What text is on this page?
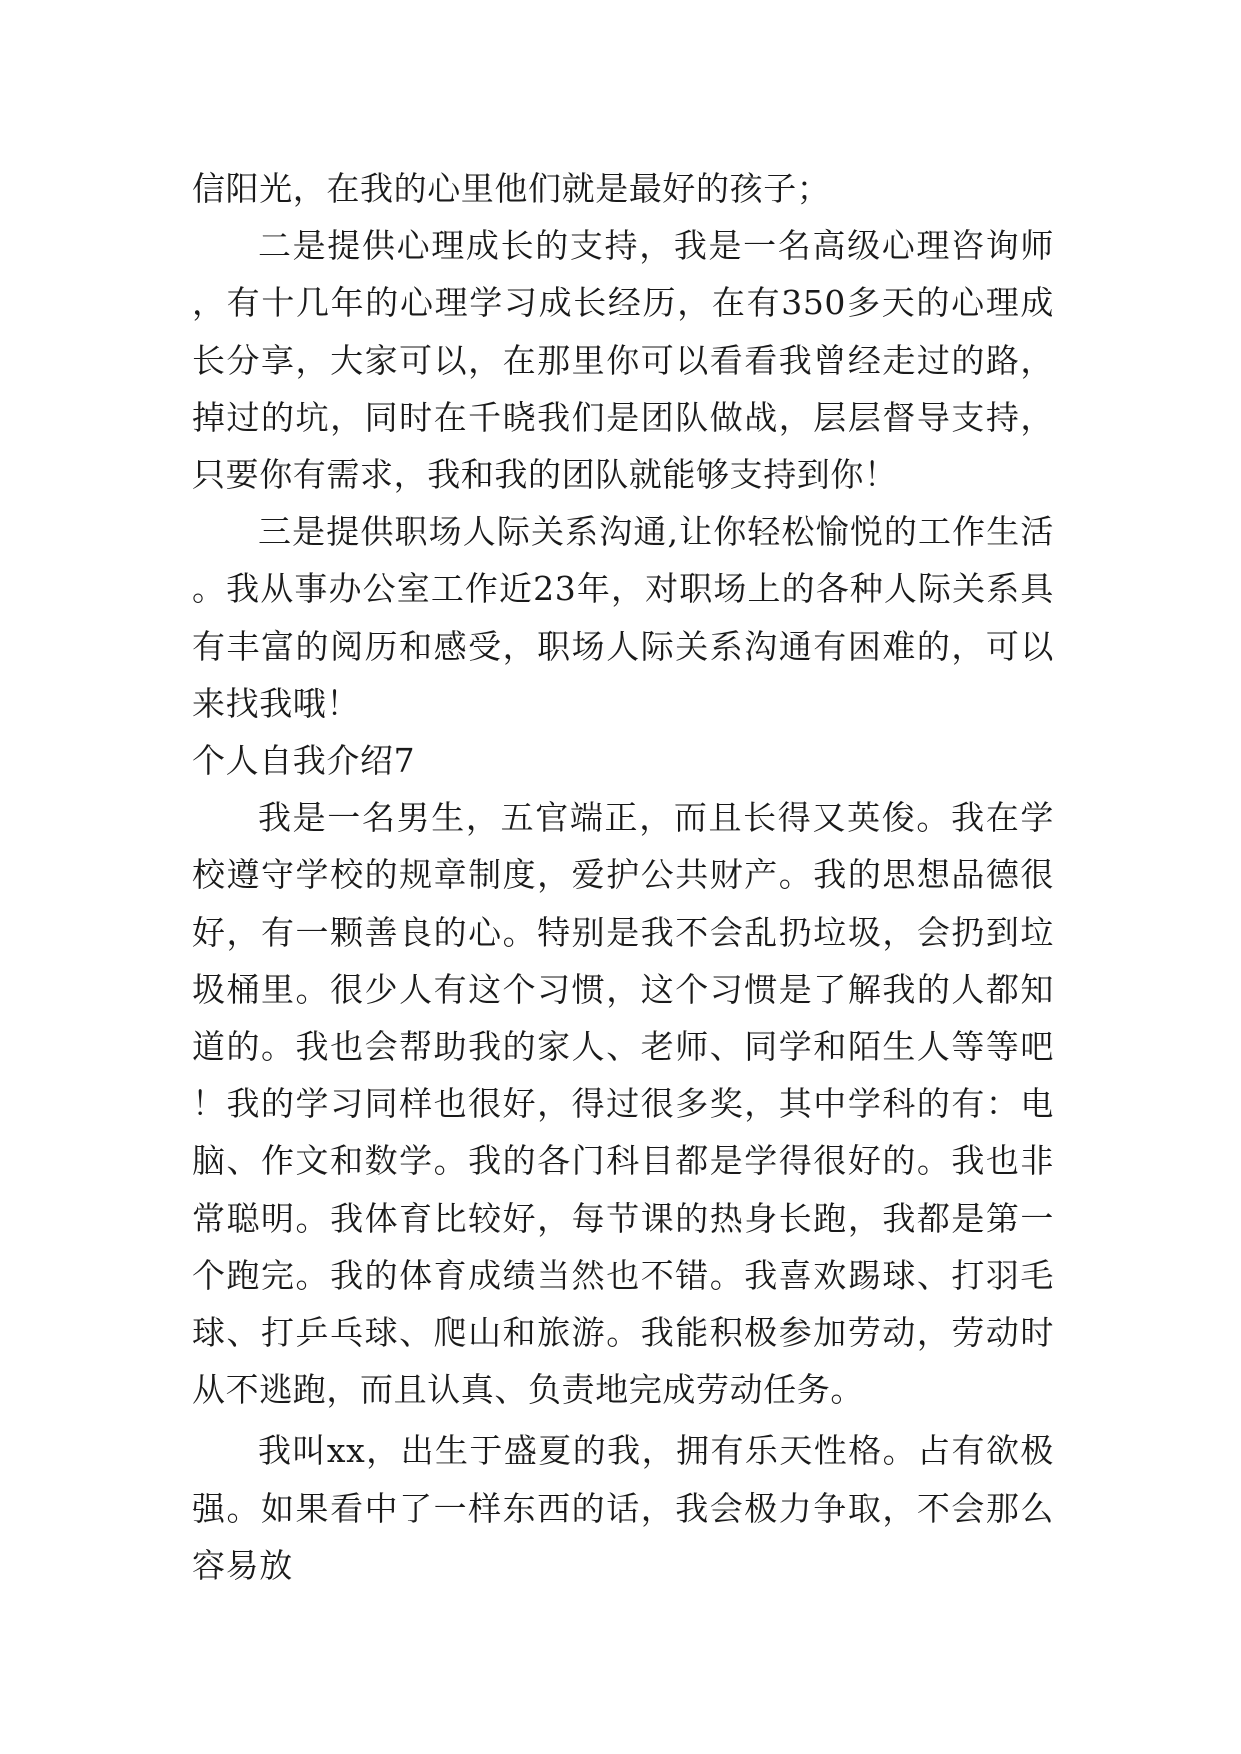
信阳光，在我的心里他们就是最好的孩子；

二是提供心理成长的支持，我是一名高级心理咨询师，有十几年的心理学习成长经历，在有350多天的心理成长分享，大家可以，在那里你可以看看我曾经走过的路，掉过的坑，同时在千晓我们是团队做战，层层督导支持，只要你有需求，我和我的团队就能够支持到你！

三是提供职场人际关系沟通,让你轻松愉悦的工作生活。我从事办公室工作近23年，对职场上的各种人际关系具有丰富的阅历和感受，职场人际关系沟通有困难的，可以来找我哦！

个人自我介绍7

我是一名男生，五官端正，而且长得又英俊。我在学校遵守学校的规章制度，爱护公共财产。我的思想品德很好，有一颗善良的心。特别是我不会乱扔垃圾，会扔到垃圾桶里。很少人有这个习惯，这个习惯是了解我的人都知道的。我也会帮助我的家人、老师、同学和陌生人等等吧！我的学习同样也很好，得过很多奖，其中学科的有：电脑、作文和数学。我的各门科目都是学得很好的。我也非常聪明。我体育比较好，每节课的热身长跑，我都是第一个跑完。我的体育成绩当然也不错。我喜欢踢球、打羽毛球、打乒乓球、爬山和旅游。我能积极参加劳动，劳动时从不逃跑，而且认真、负责地完成劳动任务。

我叫xx，出生于盛夏的我，拥有乐天性格。占有欲极强。如果看中了一样东西的话，我会极力争取，不会那么容易放
